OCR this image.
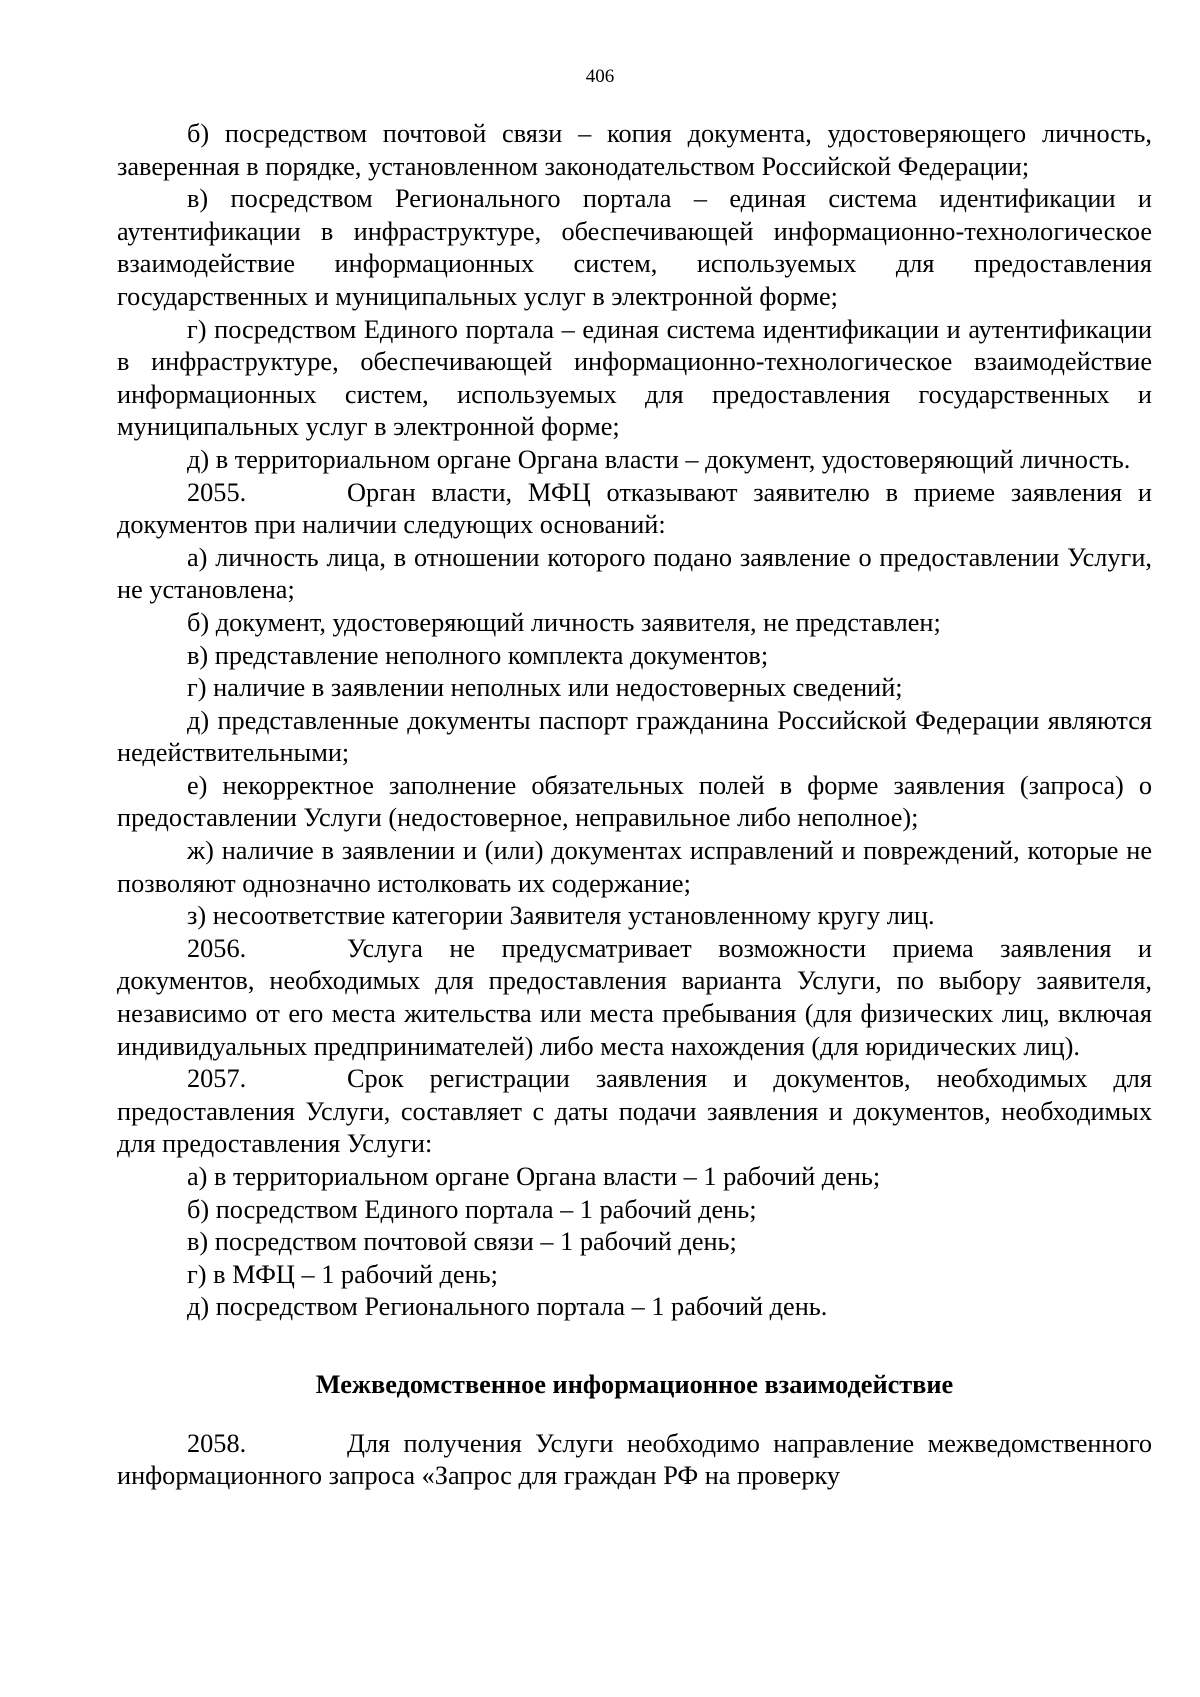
406

б) посредством почтовой связи – копия документа, удостоверяющего личность, заверенная в порядке, установленном законодательством Российской Федерации;

в) посредством Регионального портала – единая система идентификации и аутентификации в инфраструктуре, обеспечивающей информационно-технологическое взаимодействие информационных систем, используемых для предоставления государственных и муниципальных услуг в электронной форме;

г) посредством Единого портала – единая система идентификации и аутентификации в инфраструктуре, обеспечивающей информационно-технологическое взаимодействие информационных систем, используемых для предоставления государственных и муниципальных услуг в электронной форме;

д) в территориальном органе Органа власти – документ, удостоверяющий личность.

2055.	Орган власти, МФЦ отказывают заявителю в приеме заявления и документов при наличии следующих оснований:

а) личность лица, в отношении которого подано заявление о предоставлении Услуги, не установлена;

б) документ, удостоверяющий личность заявителя, не представлен;

в) представление неполного комплекта документов;

г) наличие в заявлении неполных или недостоверных сведений;

д) представленные документы паспорт гражданина Российской Федерации являются недействительными;

е) некорректное заполнение обязательных полей в форме заявления (запроса) о предоставлении Услуги (недостоверное, неправильное либо неполное);

ж) наличие в заявлении и (или) документах исправлений и повреждений, которые не позволяют однозначно истолковать их содержание;

з) несоответствие категории Заявителя установленному кругу лиц.

2056.	Услуга не предусматривает возможности приема заявления и документов, необходимых для предоставления варианта Услуги, по выбору заявителя, независимо от его места жительства или места пребывания (для физических лиц, включая индивидуальных предпринимателей) либо места нахождения (для юридических лиц).

2057.	Срок регистрации заявления и документов, необходимых для предоставления Услуги, составляет с даты подачи заявления и документов, необходимых для предоставления Услуги:

а) в территориальном органе Органа власти – 1 рабочий день;

б) посредством Единого портала – 1 рабочий день;

в) посредством почтовой связи – 1 рабочий день;

г) в МФЦ – 1 рабочий день;

д) посредством Регионального портала – 1 рабочий день.

Межведомственное информационное взаимодействие

2058.	Для получения Услуги необходимо направление межведомственного информационного запроса «Запрос для граждан РФ на проверку
